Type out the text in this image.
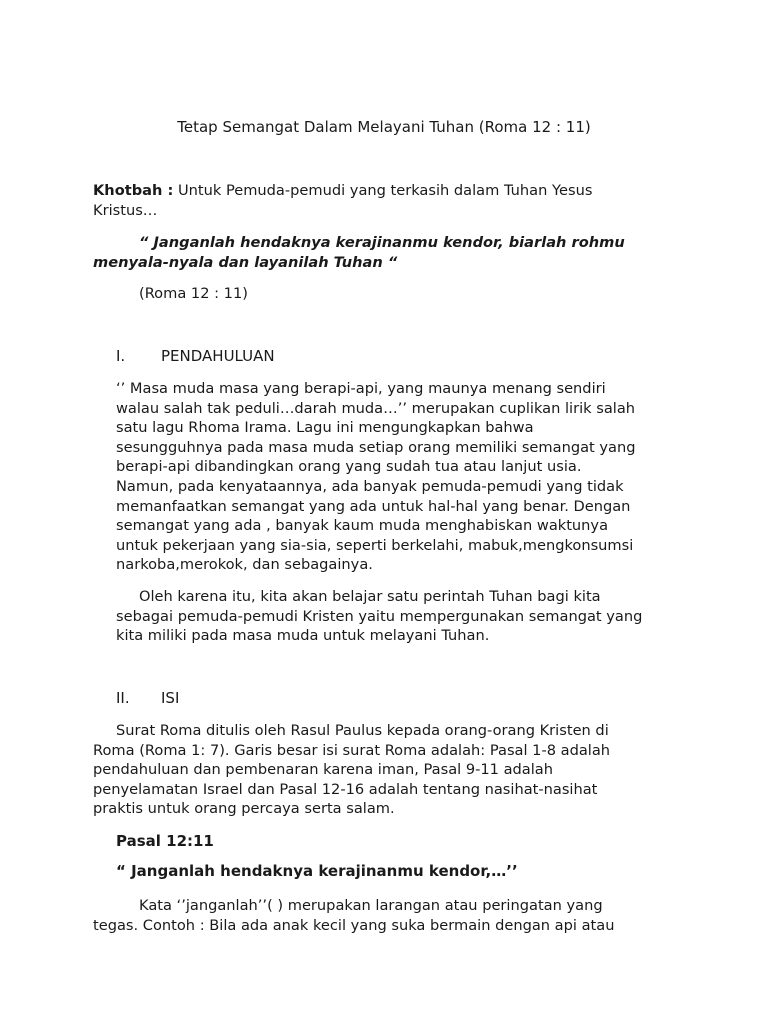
Tetap Semangat Dalam Melayani Tuhan (Roma 12 : 11)

Khotbah : Untuk Pemuda-pemudi yang terkasih dalam Tuhan Yesus
Kristus…

“ Janganlah hendaknya kerajinanmu kendor, biarlah rohmu
menyala-nyala dan layanilah Tuhan “

(Roma 12 : 11)

I. PENDAHULUAN

‘’ Masa muda masa yang berapi-api, yang maunya menang sendiri
walau salah tak peduli…darah muda…’’ merupakan cuplikan lirik salah
satu lagu Rhoma Irama. Lagu ini mengungkapkan bahwa
sesungguhnya pada masa muda setiap orang memiliki semangat yang
berapi-api dibandingkan orang yang sudah tua atau lanjut usia.
Namun, pada kenyataannya, ada banyak pemuda-pemudi yang tidak
memanfaatkan semangat yang ada untuk hal-hal yang benar. Dengan
semangat yang ada , banyak kaum muda menghabiskan waktunya
untuk pekerjaan yang sia-sia, seperti berkelahi, mabuk,mengkonsumsi
narkoba,merokok, dan sebagainya.

Oleh karena itu, kita akan belajar satu perintah Tuhan bagi kita
sebagai pemuda-pemudi Kristen yaitu mempergunakan semangat yang
kita miliki pada masa muda untuk melayani Tuhan.

II. ISI

Surat Roma ditulis oleh Rasul Paulus kepada orang-orang Kristen di
Roma (Roma 1: 7). Garis besar isi surat Roma adalah: Pasal 1-8 adalah
pendahuluan dan pembenaran karena iman, Pasal 9-11 adalah
penyelamatan Israel dan Pasal 12-16 adalah tentang nasihat-nasihat
praktis untuk orang percaya serta salam.

Pasal 12:11

“ Janganlah hendaknya kerajinanmu kendor,…’’

Kata ‘’janganlah’’( ) merupakan larangan atau peringatan yang
tegas. Contoh : Bila ada anak kecil yang suka bermain dengan api atau
